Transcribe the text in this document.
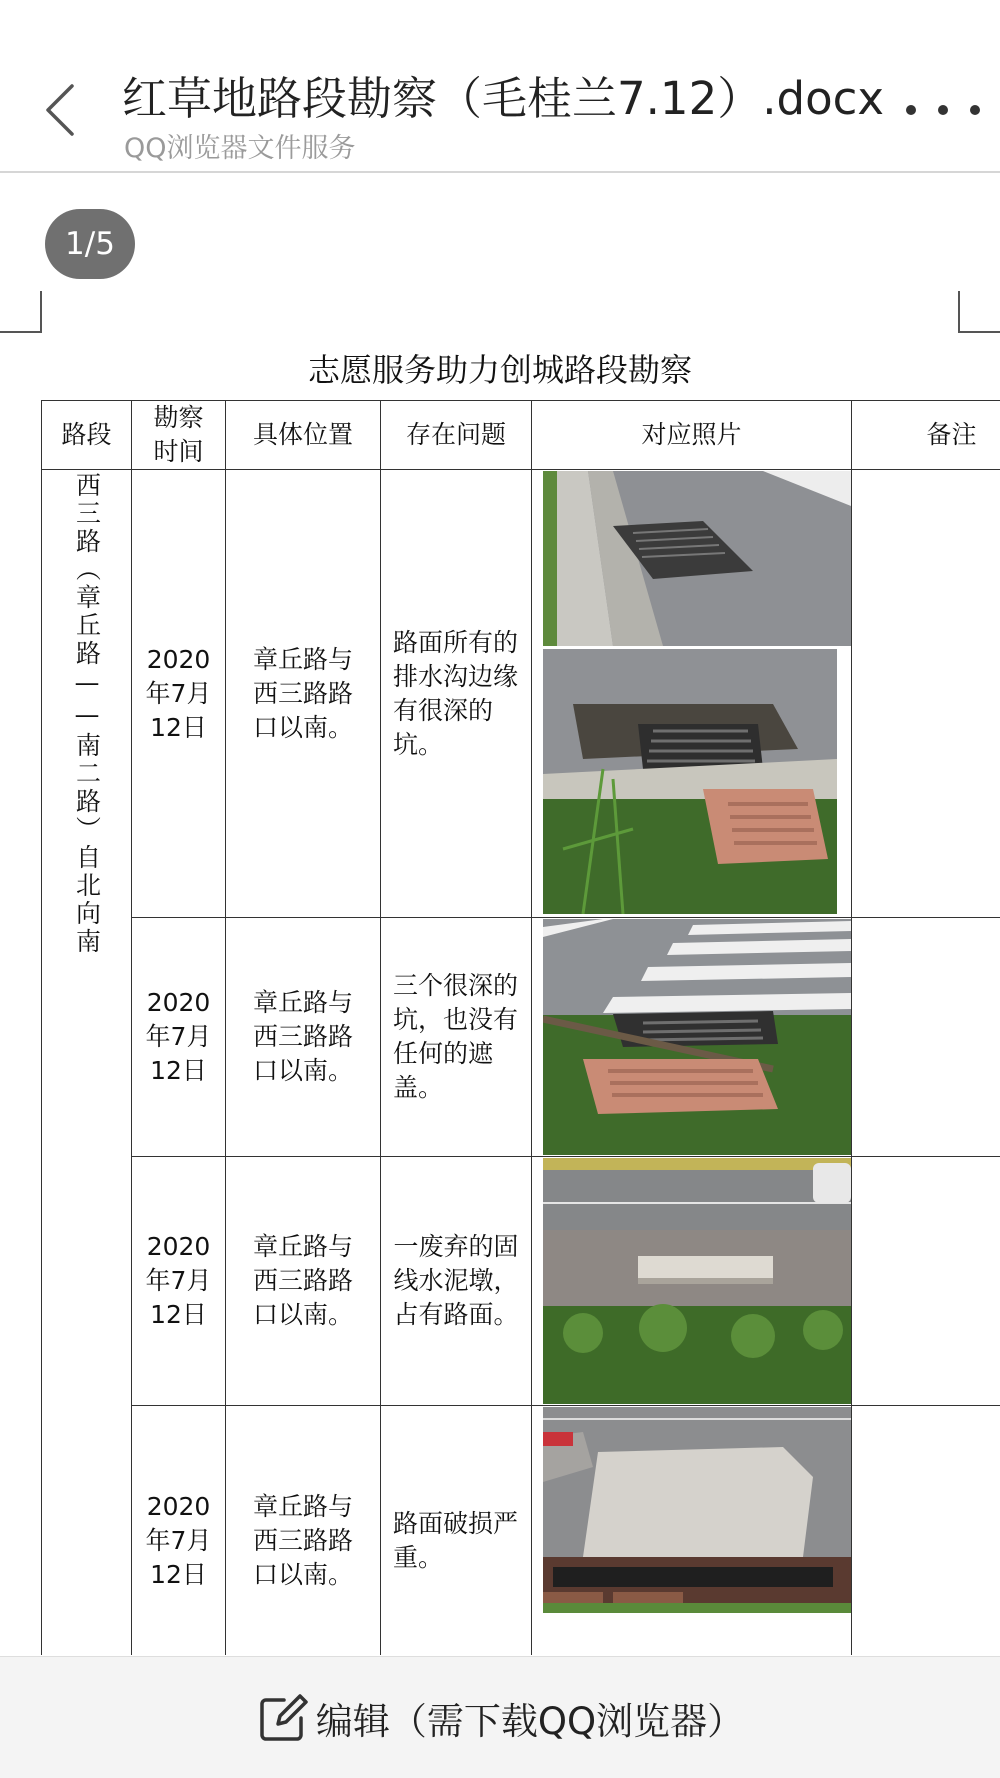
红草地路段勘察（毛桂兰7.12）.docx
QQ浏览器文件服务
1/5
志愿服务助力创城路段勘察
路段	勘察时间	具体位置	存在问题	对应照片	备注
西三路（章丘路——南二路）自北向南	2020年7月12日	章丘路与西三路路口以南。	路面所有的排水沟边缘有很深的坑。	

	2020年7月12日	章丘路与西三路路口以南。	三个很深的坑，也没有任何的遮盖。	

	2020年7月12日	章丘路与西三路路口以南。	一废弃的固线水泥墩，占有路面。	

	2020年7月12日	章丘路与西三路路口以南。	路面破损严重。	

编辑（需下载QQ浏览器）
